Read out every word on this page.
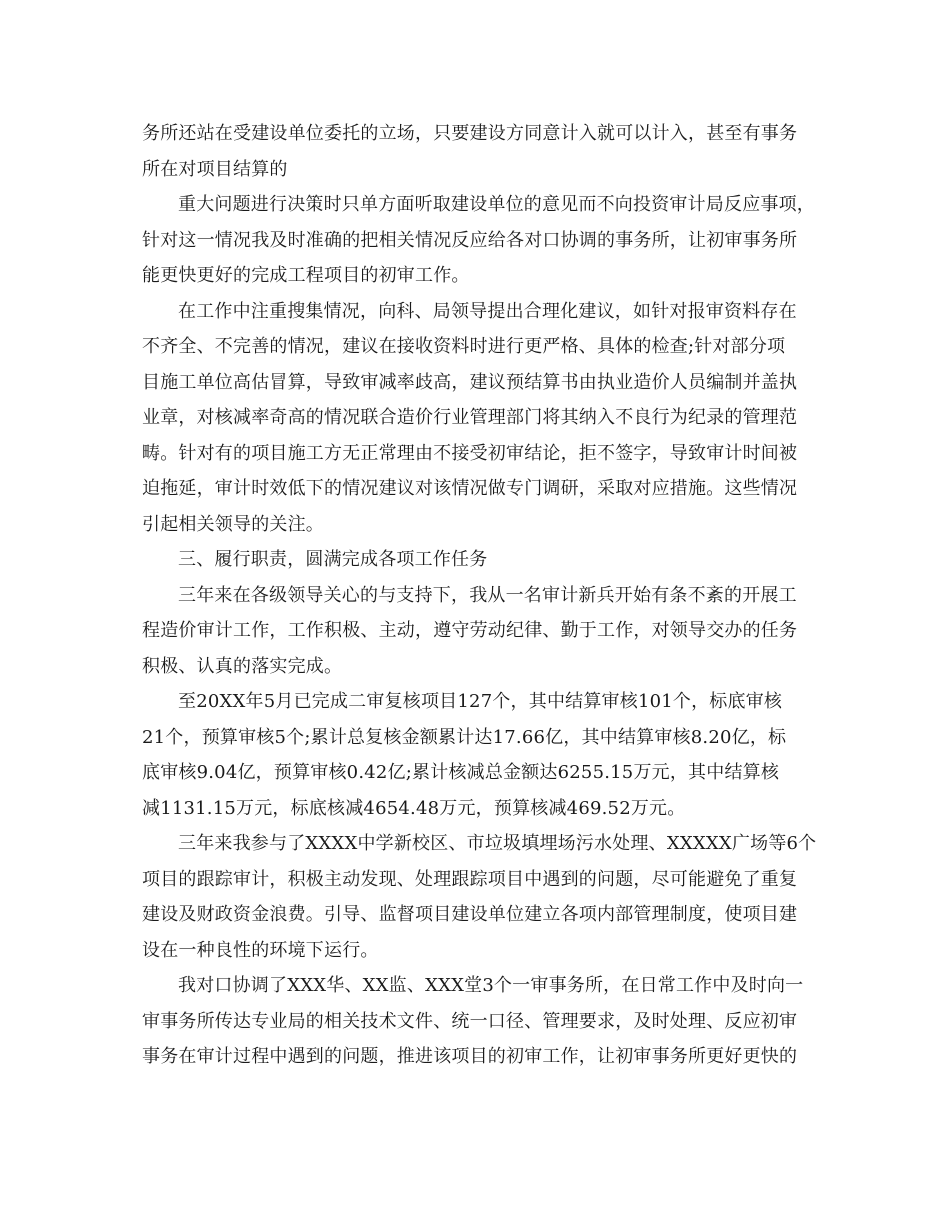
务所还站在受建设单位委托的立场，只要建设方同意计入就可以计入，甚至有事务
所在对项目结算的
重大问题进行决策时只单方面听取建设单位的意见而不向投资审计局反应事项，
针对这一情况我及时准确的把相关情况反应给各对口协调的事务所，让初审事务所
能更快更好的完成工程项目的初审工作。
在工作中注重搜集情况，向科、局领导提出合理化建议，如针对报审资料存在
不齐全、不完善的情况，建议在接收资料时进行更严格、具体的检查;针对部分项
目施工单位高估冒算，导致审减率歧高，建议预结算书由执业造价人员编制并盖执
业章，对核减率奇高的情况联合造价行业管理部门将其纳入不良行为纪录的管理范
畴。针对有的项目施工方无正常理由不接受初审结论，拒不签字，导致审计时间被
迫拖延，审计时效低下的情况建议对该情况做专门调研，采取对应措施。这些情况
引起相关领导的关注。
三、履行职责，圆满完成各项工作任务
三年来在各级领导关心的与支持下，我从一名审计新兵开始有条不紊的开展工
程造价审计工作，工作积极、主动，遵守劳动纪律、勤于工作，对领导交办的任务
积极、认真的落实完成。
至20XX年5月已完成二审复核项目127个，其中结算审核101个，标底审核
21个，预算审核5个;累计总复核金额累计达17.66亿，其中结算审核8.20亿，标
底审核9.04亿，预算审核0.42亿;累计核减总金额达6255.15万元，其中结算核
减1131.15万元，标底核减4654.48万元，预算核减469.52万元。
三年来我参与了XXXX中学新校区、市垃圾填埋场污水处理、XXXXX广场等6个
项目的跟踪审计，积极主动发现、处理跟踪项目中遇到的问题，尽可能避免了重复
建设及财政资金浪费。引导、监督项目建设单位建立各项内部管理制度，使项目建
设在一种良性的环境下运行。
我对口协调了XXX华、XX监、XXX堂3个一审事务所，在日常工作中及时向一
审事务所传达专业局的相关技术文件、统一口径、管理要求，及时处理、反应初审
事务在审计过程中遇到的问题，推进该项目的初审工作，让初审事务所更好更快的
